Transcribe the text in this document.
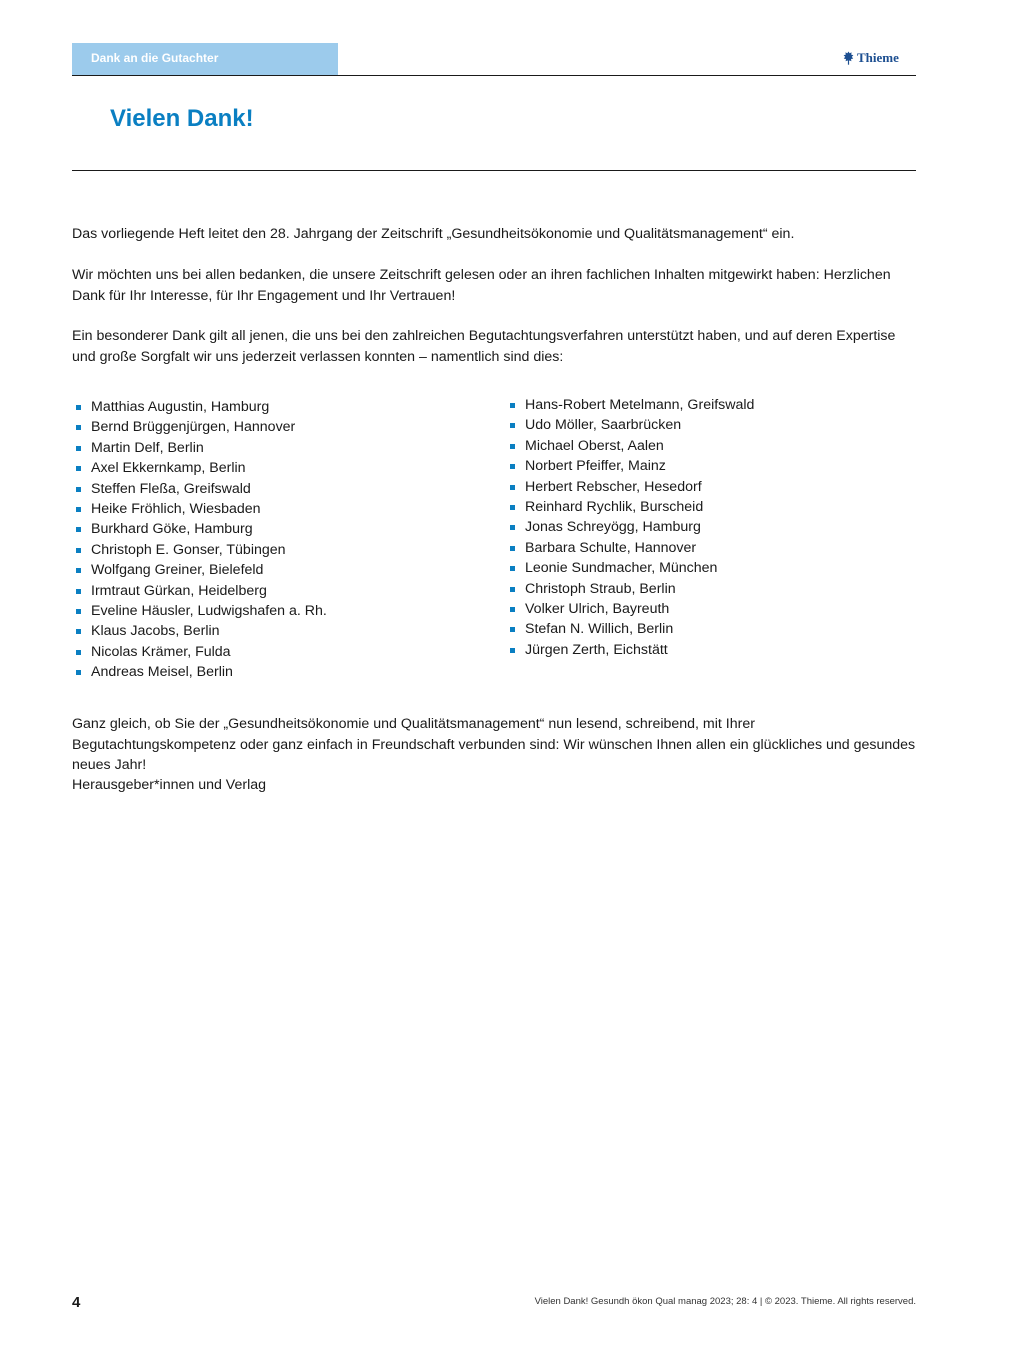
Dank an die Gutachter	Thieme
Vielen Dank!

Das vorliegende Heft leitet den 28. Jahrgang der Zeitschrift „Gesundheitsökonomie und Qualitätsmanagement“ ein.

Wir möchten uns bei allen bedanken, die unsere Zeitschrift gelesen oder an ihren fachlichen Inhalten mitgewirkt haben: Herzlichen Dank für Ihr Interesse, für Ihr Engagement und Ihr Vertrauen!

Ein besonderer Dank gilt all jenen, die uns bei den zahlreichen Begutachtungsverfahren unterstützt haben, und auf deren Expertise und große Sorgfalt wir uns jederzeit verlassen konnten – namentlich sind dies:

Matthias Augustin, Hamburg
Bernd Brüggenjürgen, Hannover
Martin Delf, Berlin
Axel Ekkernkamp, Berlin
Steffen Fleßa, Greifswald
Heike Fröhlich, Wiesbaden
Burkhard Göke, Hamburg
Christoph E. Gonser, Tübingen
Wolfgang Greiner, Bielefeld
Irmtraut Gürkan, Heidelberg
Eveline Häusler, Ludwigshafen a. Rh.
Klaus Jacobs, Berlin
Nicolas Krämer, Fulda
Andreas Meisel, Berlin
Hans-Robert Metelmann, Greifswald
Udo Möller, Saarbrücken
Michael Oberst, Aalen
Norbert Pfeiffer, Mainz
Herbert Rebscher, Hesedorf
Reinhard Rychlik, Burscheid
Jonas Schreyögg, Hamburg
Barbara Schulte, Hannover
Leonie Sundmacher, München
Christoph Straub, Berlin
Volker Ulrich, Bayreuth
Stefan N. Willich, Berlin
Jürgen Zerth, Eichstätt

Ganz gleich, ob Sie der „Gesundheitsökonomie und Qualitätsmanagement“ nun lesend, schreibend, mit Ihrer Begutachtungskompetenz oder ganz einfach in Freundschaft verbunden sind: Wir wünschen Ihnen allen ein glückliches und gesundes neues Jahr!

Herausgeber*innen und Verlag

4	Vielen Dank! Gesundh ökon Qual manag 2023; 28: 4 | © 2023. Thieme. All rights reserved.
